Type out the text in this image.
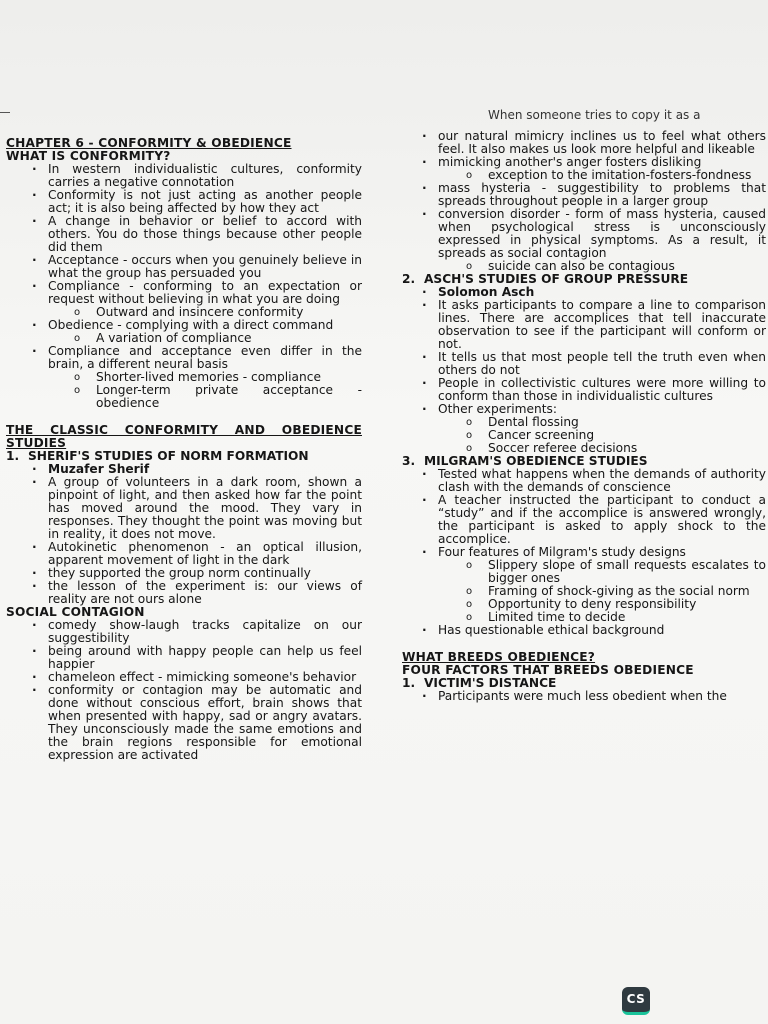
When someone tries to copy it as a

CHAPTER 6 - CONFORMITY & OBEDIENCE

WHAT IS CONFORMITY?

· In western individualistic cultures, conformity carries a negative connotation

· Conformity is not just acting as another people act; it is also being affected by how they act

· A change in behavior or belief to accord with others. You do those things because other people did them

· Acceptance - occurs when you genuinely believe in what the group has persuaded you

· Compliance - conforming to an expectation or request without believing in what you are doing

o Outward and insincere conformity

· Obedience - complying with a direct command

o A variation of compliance

· Compliance and acceptance even differ in the brain, a different neural basis

o Shorter-lived memories - compliance

o Longer-term private acceptance - obedience

THE CLASSIC CONFORMITY AND OBEDIENCE STUDIES

1. SHERIF'S STUDIES OF NORM FORMATION

· Muzafer Sherif

· A group of volunteers in a dark room, shown a pinpoint of light, and then asked how far the point has moved around the mood. They vary in responses. They thought the point was moving but in reality, it does not move.

· Autokinetic phenomenon - an optical illusion, apparent movement of light in the dark

· they supported the group norm continually

· the lesson of the experiment is: our views of reality are not ours alone

SOCIAL CONTAGION

· comedy show-laugh tracks capitalize on our suggestibility

· being around with happy people can help us feel happier

· chameleon effect - mimicking someone's behavior

· conformity or contagion may be automatic and done without conscious effort, brain shows that when presented with happy, sad or angry avatars. They unconsciously made the same emotions and the brain regions responsible for emotional expression are activated

· our natural mimicry inclines us to feel what others feel. It also makes us look more helpful and likeable

· mimicking another's anger fosters disliking

o exception to the imitation-fosters-fondness

· mass hysteria - suggestibility to problems that spreads throughout people in a larger group

· conversion disorder - form of mass hysteria, caused when psychological stress is unconsciously expressed in physical symptoms. As a result, it spreads as social contagion

o suicide can also be contagious

2. ASCH'S STUDIES OF GROUP PRESSURE

· Solomon Asch

· It asks participants to compare a line to comparison lines. There are accomplices that tell inaccurate observation to see if the participant will conform or not.

· It tells us that most people tell the truth even when others do not

· People in collectivistic cultures were more willing to conform than those in individualistic cultures

· Other experiments:

o Dental flossing

o Cancer screening

o Soccer referee decisions

3. MILGRAM'S OBEDIENCE STUDIES

· Tested what happens when the demands of authority clash with the demands of conscience

· A teacher instructed the participant to conduct a “study” and if the accomplice is answered wrongly, the participant is asked to apply shock to the accomplice.

· Four features of Milgram's study designs

o Slippery slope of small requests escalates to bigger ones

o Framing of shock-giving as the social norm

o Opportunity to deny responsibility

o Limited time to decide

· Has questionable ethical background

WHAT BREEDS OBEDIENCE?

FOUR FACTORS THAT BREEDS OBEDIENCE

1. VICTIM'S DISTANCE

· Participants were much less obedient when the

CS
